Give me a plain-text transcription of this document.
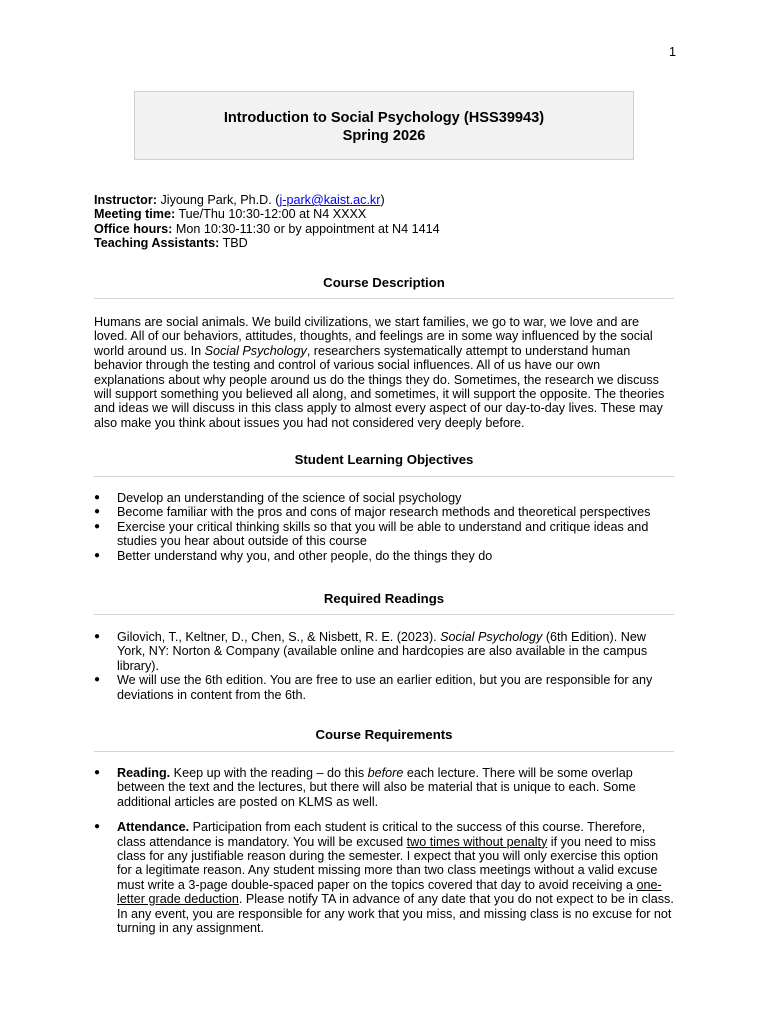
1
Introduction to Social Psychology (HSS39943)
Spring 2026
Instructor: Jiyoung Park, Ph.D. (j-park@kaist.ac.kr)
Meeting time: Tue/Thu 10:30-12:00 at N4 XXXX
Office hours: Mon 10:30-11:30 or by appointment at N4 1414
Teaching Assistants: TBD
Course Description
Humans are social animals. We build civilizations, we start families, we go to war, we love and are loved. All of our behaviors, attitudes, thoughts, and feelings are in some way influenced by the social world around us. In Social Psychology, researchers systematically attempt to understand human behavior through the testing and control of various social influences. All of us have our own explanations about why people around us do the things they do. Sometimes, the research we discuss will support something you believed all along, and sometimes, it will support the opposite. The theories and ideas we will discuss in this class apply to almost every aspect of our day-to-day lives. These may also make you think about issues you had not considered very deeply before.
Student Learning Objectives
● Develop an understanding of the science of social psychology
● Become familiar with the pros and cons of major research methods and theoretical perspectives
● Exercise your critical thinking skills so that you will be able to understand and critique ideas and studies you hear about outside of this course
● Better understand why you, and other people, do the things they do
Required Readings
● Gilovich, T., Keltner, D., Chen, S., & Nisbett, R. E. (2023). Social Psychology (6th Edition). New York, NY: Norton & Company (available online and hardcopies are also available in the campus library).
● We will use the 6th edition. You are free to use an earlier edition, but you are responsible for any deviations in content from the 6th.
Course Requirements
● Reading. Keep up with the reading – do this before each lecture. There will be some overlap between the text and the lectures, but there will also be material that is unique to each. Some additional articles are posted on KLMS as well.
● Attendance. Participation from each student is critical to the success of this course. Therefore, class attendance is mandatory. You will be excused two times without penalty if you need to miss class for any justifiable reason during the semester. I expect that you will only exercise this option for a legitimate reason. Any student missing more than two class meetings without a valid excuse must write a 3-page double-spaced paper on the topics covered that day to avoid receiving a one-letter grade deduction. Please notify TA in advance of any date that you do not expect to be in class. In any event, you are responsible for any work that you miss, and missing class is no excuse for not turning in any assignment.
